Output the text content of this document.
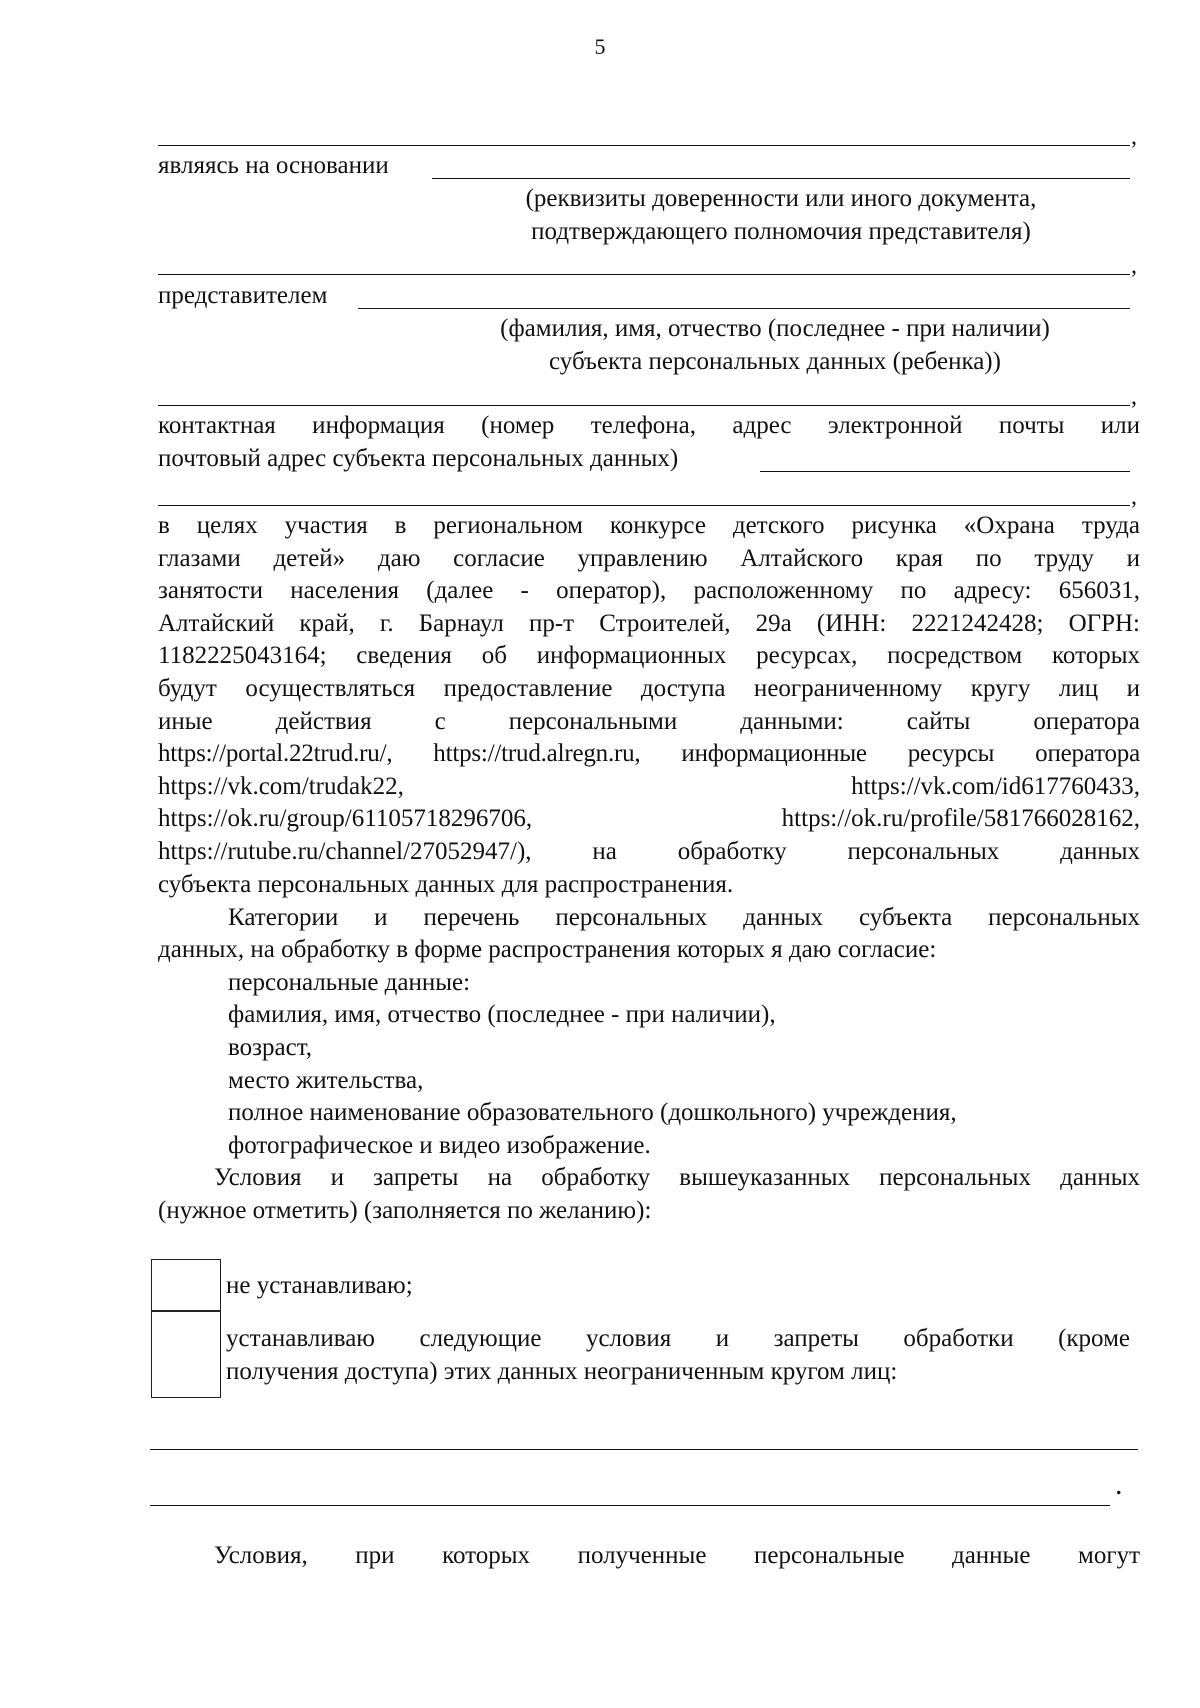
5
,
являясь на основании
(реквизиты доверенности или иного документа,
подтверждающего полномочия представителя)
,
представителем
(фамилия, имя, отчество (последнее - при наличии)
субъекта персональных данных (ребенка))
,
контактная информация (номер телефона, адрес электронной почты или
почтовый адрес субъекта персональных данных)
,
в целях участия в региональном конкурсе детского рисунка «Охрана труда
глазами детей» даю согласие управлению Алтайского края по труду и
занятости населения (далее - оператор), расположенному по адресу: 656031,
Алтайский край, г. Барнаул пр-т Строителей, 29а (ИНН: 2221242428; ОГРН:
1182225043164; сведения об информационных ресурсах, посредством которых
будут осуществляться предоставление доступа неограниченному кругу лиц и
иные действия с персональными данными: сайты оператора
https://portal.22trud.ru/, https://trud.alregn.ru, информационные ресурсы оператора
https://vk.com/trudak22, https://vk.com/id617760433,
https://ok.ru/group/61105718296706, https://ok.ru/profile/581766028162,
https://rutube.ru/channel/27052947/), на обработку персональных данных
субъекта персональных данных для распространения.
Категории и перечень персональных данных субъекта персональных
данных, на обработку в форме распространения которых я даю согласие:
персональные данные:
фамилия, имя, отчество (последнее - при наличии),
возраст,
место жительства,
полное наименование образовательного (дошкольного) учреждения,
фотографическое и видео изображение.
Условия и запреты на обработку вышеуказанных персональных данных
(нужное отметить) (заполняется по желанию):
не устанавливаю;
устанавливаю следующие условия и запреты обработки (кроме
получения доступа) этих данных неограниченным кругом лиц:
.
Условия, при которых полученные персональные данные могут
